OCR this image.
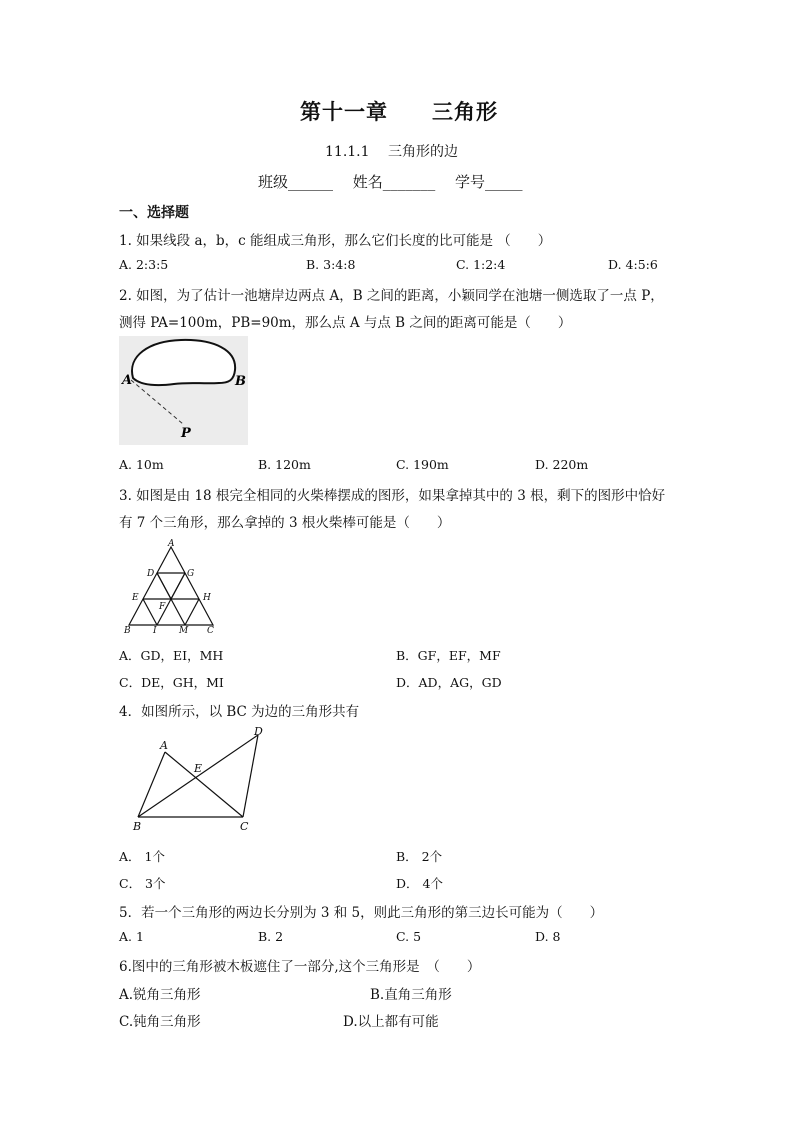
第十一章　　三角形
11.1.1　 三角形的边
班级______　 姓名_______　 学号_____
一、选择题
1. 如果线段 a，b，c 能组成三角形，那么它们长度的比可能是 （　　）
A. 2:3:5	B. 3:4:8	C. 1:2:4	D. 4:5:6
2. 如图，为了估计一池塘岸边两点 A，B 之间的距离，小颖同学在池塘一侧选取了一点 P，
测得 PA=100m，PB=90m，那么点 A 与点 B 之间的距离可能是（　　）
A	B
P
A. 10m	B. 120m	C. 190m	D. 220m
3. 如图是由 18 根完全相同的火柴棒摆成的图形，如果拿掉其中的 3 根，剩下的图形中恰好
有 7 个三角形，那么拿掉的 3 根火柴棒可能是（　　）
A
D	G
E
F
H
B I M C
A．GD，EI，MH	B．GF，EF，MF
C．DE，GH，MI	D．AD，AG，GD
4．如图所示，以 BC 为边的三角形共有
A
D
E
B	C
A． 1个	B． 2个
C． 3个	D． 4个
5．若一个三角形的两边长分别为 3 和 5，则此三角形的第三边长可能为（　　）
A. 1	B. 2	C. 5	D. 8
6.图中的三角形被木板遮住了一部分,这个三角形是　（　　）
A.锐角三角形	B.直角三角形
C.钝角三角形	D.以上都有可能
